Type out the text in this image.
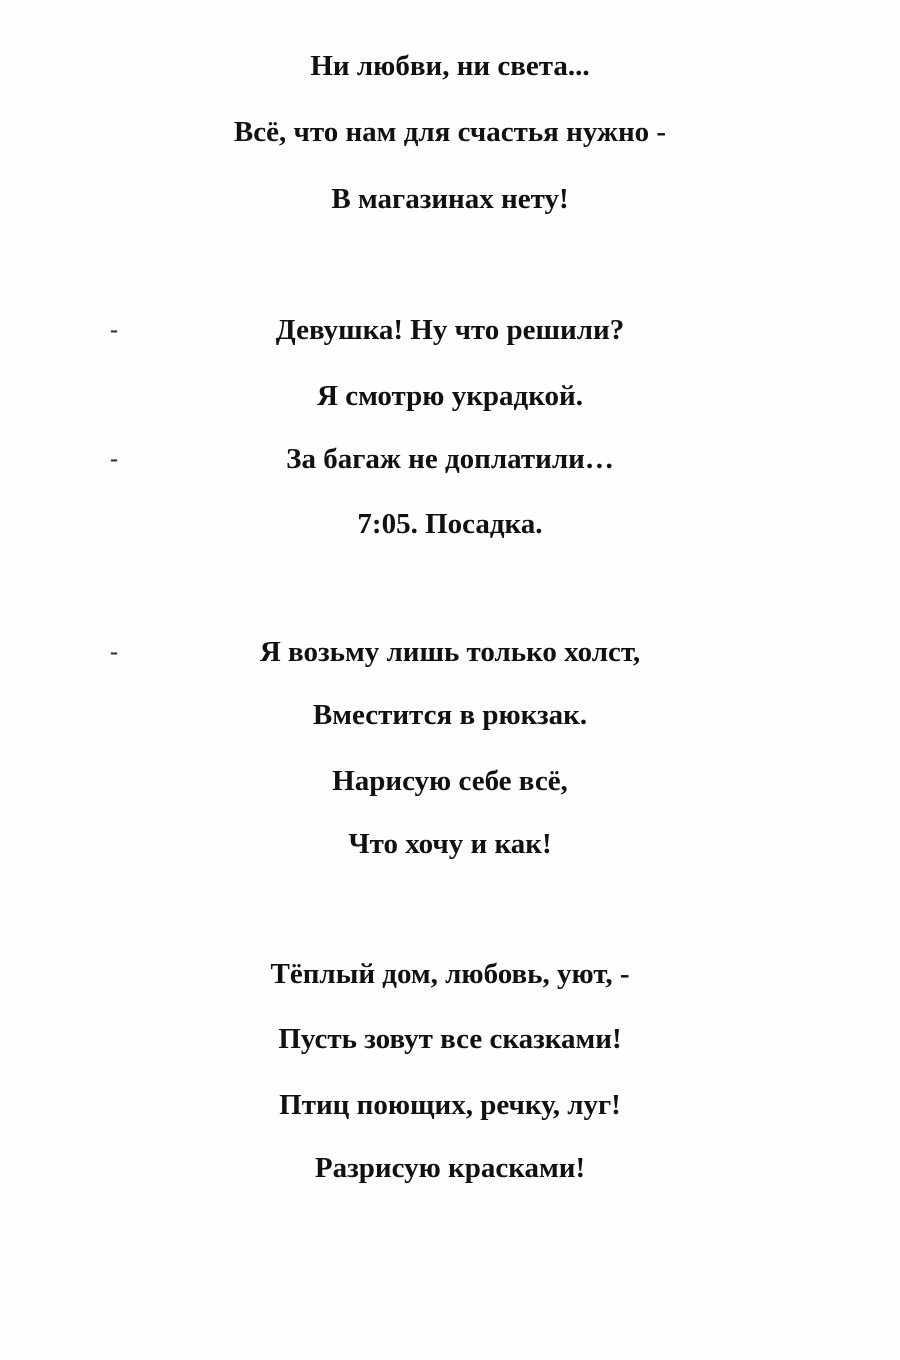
Ни любви, ни света...
Всё, что нам для счастья нужно -
В магазинах нету!
-	Девушка! Ну что решили?
Я смотрю украдкой.
-	За багаж не доплатили…
7:05. Посадка.
-	Я возьму лишь только холст,
Вместится в рюкзак.
Нарисую себе всё,
Что хочу и как!
Тёплый дом, любовь, уют, -
Пусть зовут все сказками!
Птиц поющих, речку, луг!
Разрисую красками!
